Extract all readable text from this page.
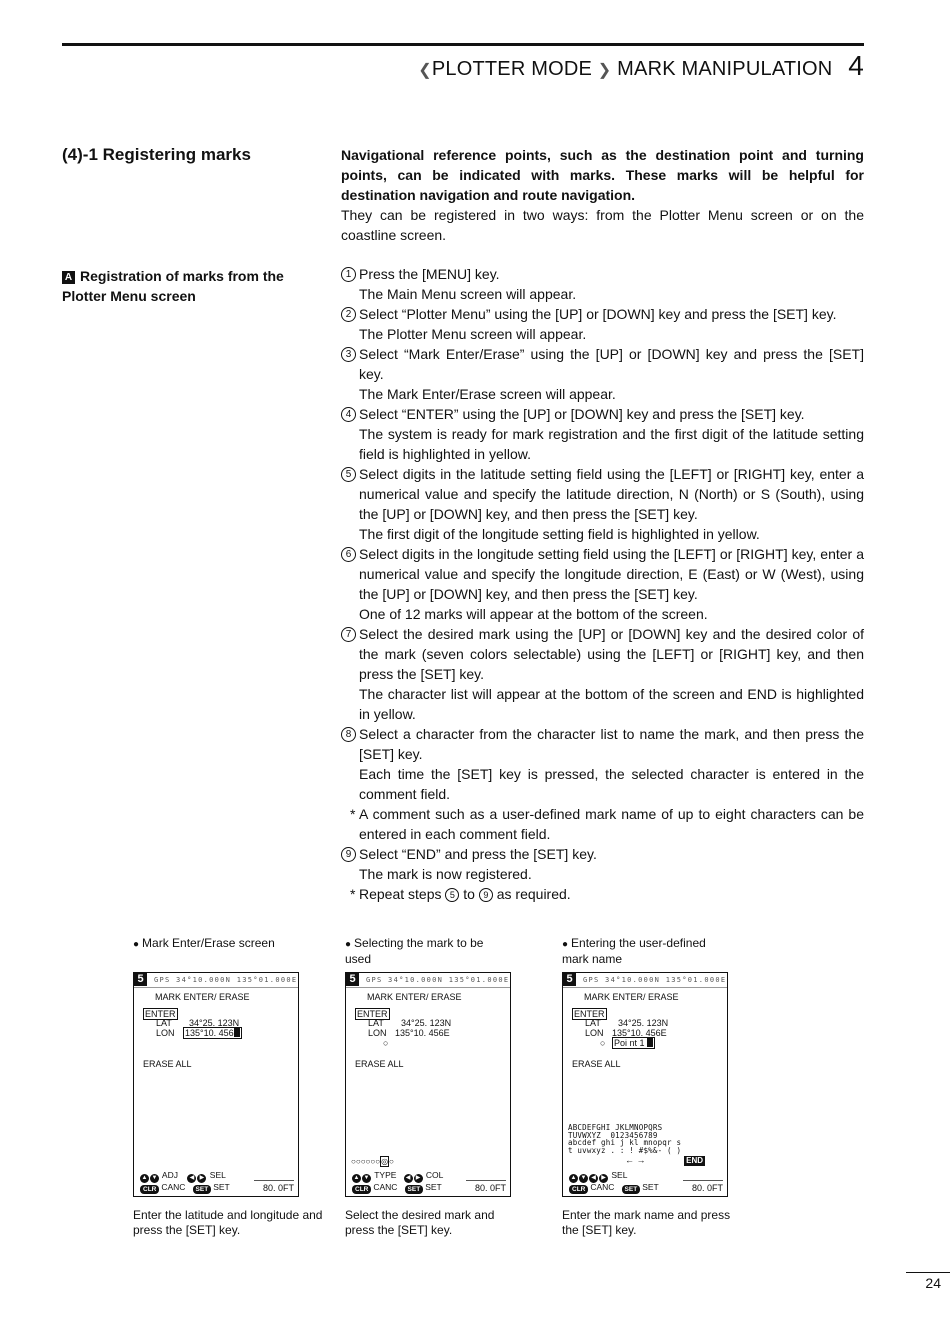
❮PLOTTER MODE ❯ MARK MANIPULATION 4
(4)-1 Registering marks	Navigational reference points, such as the destination point and turning points, can be indicated with marks. These marks will be helpful for destination navigation and route navigation.
They can be registered in two ways: from the Plotter Menu screen or on the coastline screen.
A Registration of marks from the Plotter Menu screen
1 Press the [MENU] key.
The Main Menu screen will appear.
2 Select “Plotter Menu” using the [UP] or [DOWN] key and press the [SET] key.
The Plotter Menu screen will appear.
3 Select “Mark Enter/Erase” using the [UP] or [DOWN] key and press the [SET] key.
The Mark Enter/Erase screen will appear.
4 Select “ENTER” using the [UP] or [DOWN] key and press the [SET] key.
The system is ready for mark registration and the first digit of the latitude setting field is highlighted in yellow.
5 Select digits in the latitude setting field using the [LEFT] or [RIGHT] key, enter a numerical value and specify the latitude direction, N (North) or S (South), using the [UP] or [DOWN] key, and then press the [SET] key.
The first digit of the longitude setting field is highlighted in yellow.
6 Select digits in the longitude setting field using the [LEFT] or [RIGHT] key, enter a numerical value and specify the longitude direction, E (East) or W (West), using the [UP] or [DOWN] key, and then press the [SET] key.
One of 12 marks will appear at the bottom of the screen.
7 Select the desired mark using the [UP] or [DOWN] key and the desired color of the mark (seven colors selectable) using the [LEFT] or [RIGHT] key, and then press the [SET] key.
The character list will appear at the bottom of the screen and END is highlighted in yellow.
8 Select a character from the character list to name the mark, and then press the [SET] key.
Each time the [SET] key is pressed, the selected character is entered in the comment field.
* A comment such as a user-defined mark name of up to eight characters can be entered in each comment field.
9 Select “END” and press the [SET] key.
The mark is now registered.
* Repeat steps 5 to 9 as required.
● Mark Enter/Erase screen
GPS 34°10.000N 135°01.000E
5
MARK ENTER/ ERASE
ENTER
LAT 34°25. 123N
LON 135°10. 456
ERASE ALL
▲ ▼ ADJ ◀ ▶ SEL
CLR CANC SET SET	80. 0FT
Enter the latitude and longitude and press the [SET] key.
● Selecting the mark to be used
GPS 34°10.000N 135°01.000E
5
MARK ENTER/ ERASE
ENTER
LAT 34°25. 123N
LON 135°10. 456E
○
ERASE ALL
○○○○○○◎○
▲ ▼ TYPE ◀ ▶ COL
CLR CANC SET SET	80. 0FT
Select the desired mark and press the [SET] key.
● Entering the user-defined mark name
GPS 34°10.000N 135°01.000E
5
MARK ENTER/ ERASE
ENTER
LAT 34°25. 123N
LON 135°10. 456E
○ Poi nt 1
ERASE ALL
ABCDEFGHI JKLMNOPQRS
TUVWXYZ  0123456789
abcdef ghi j kl mnopqr s
t uvwxyz . : ! #$%&- ( )
← →	END
▲ ▼ ◀ ▶ SEL
CLR CANC SET SET	80. 0FT
Enter the mark name and press the [SET] key.
24
